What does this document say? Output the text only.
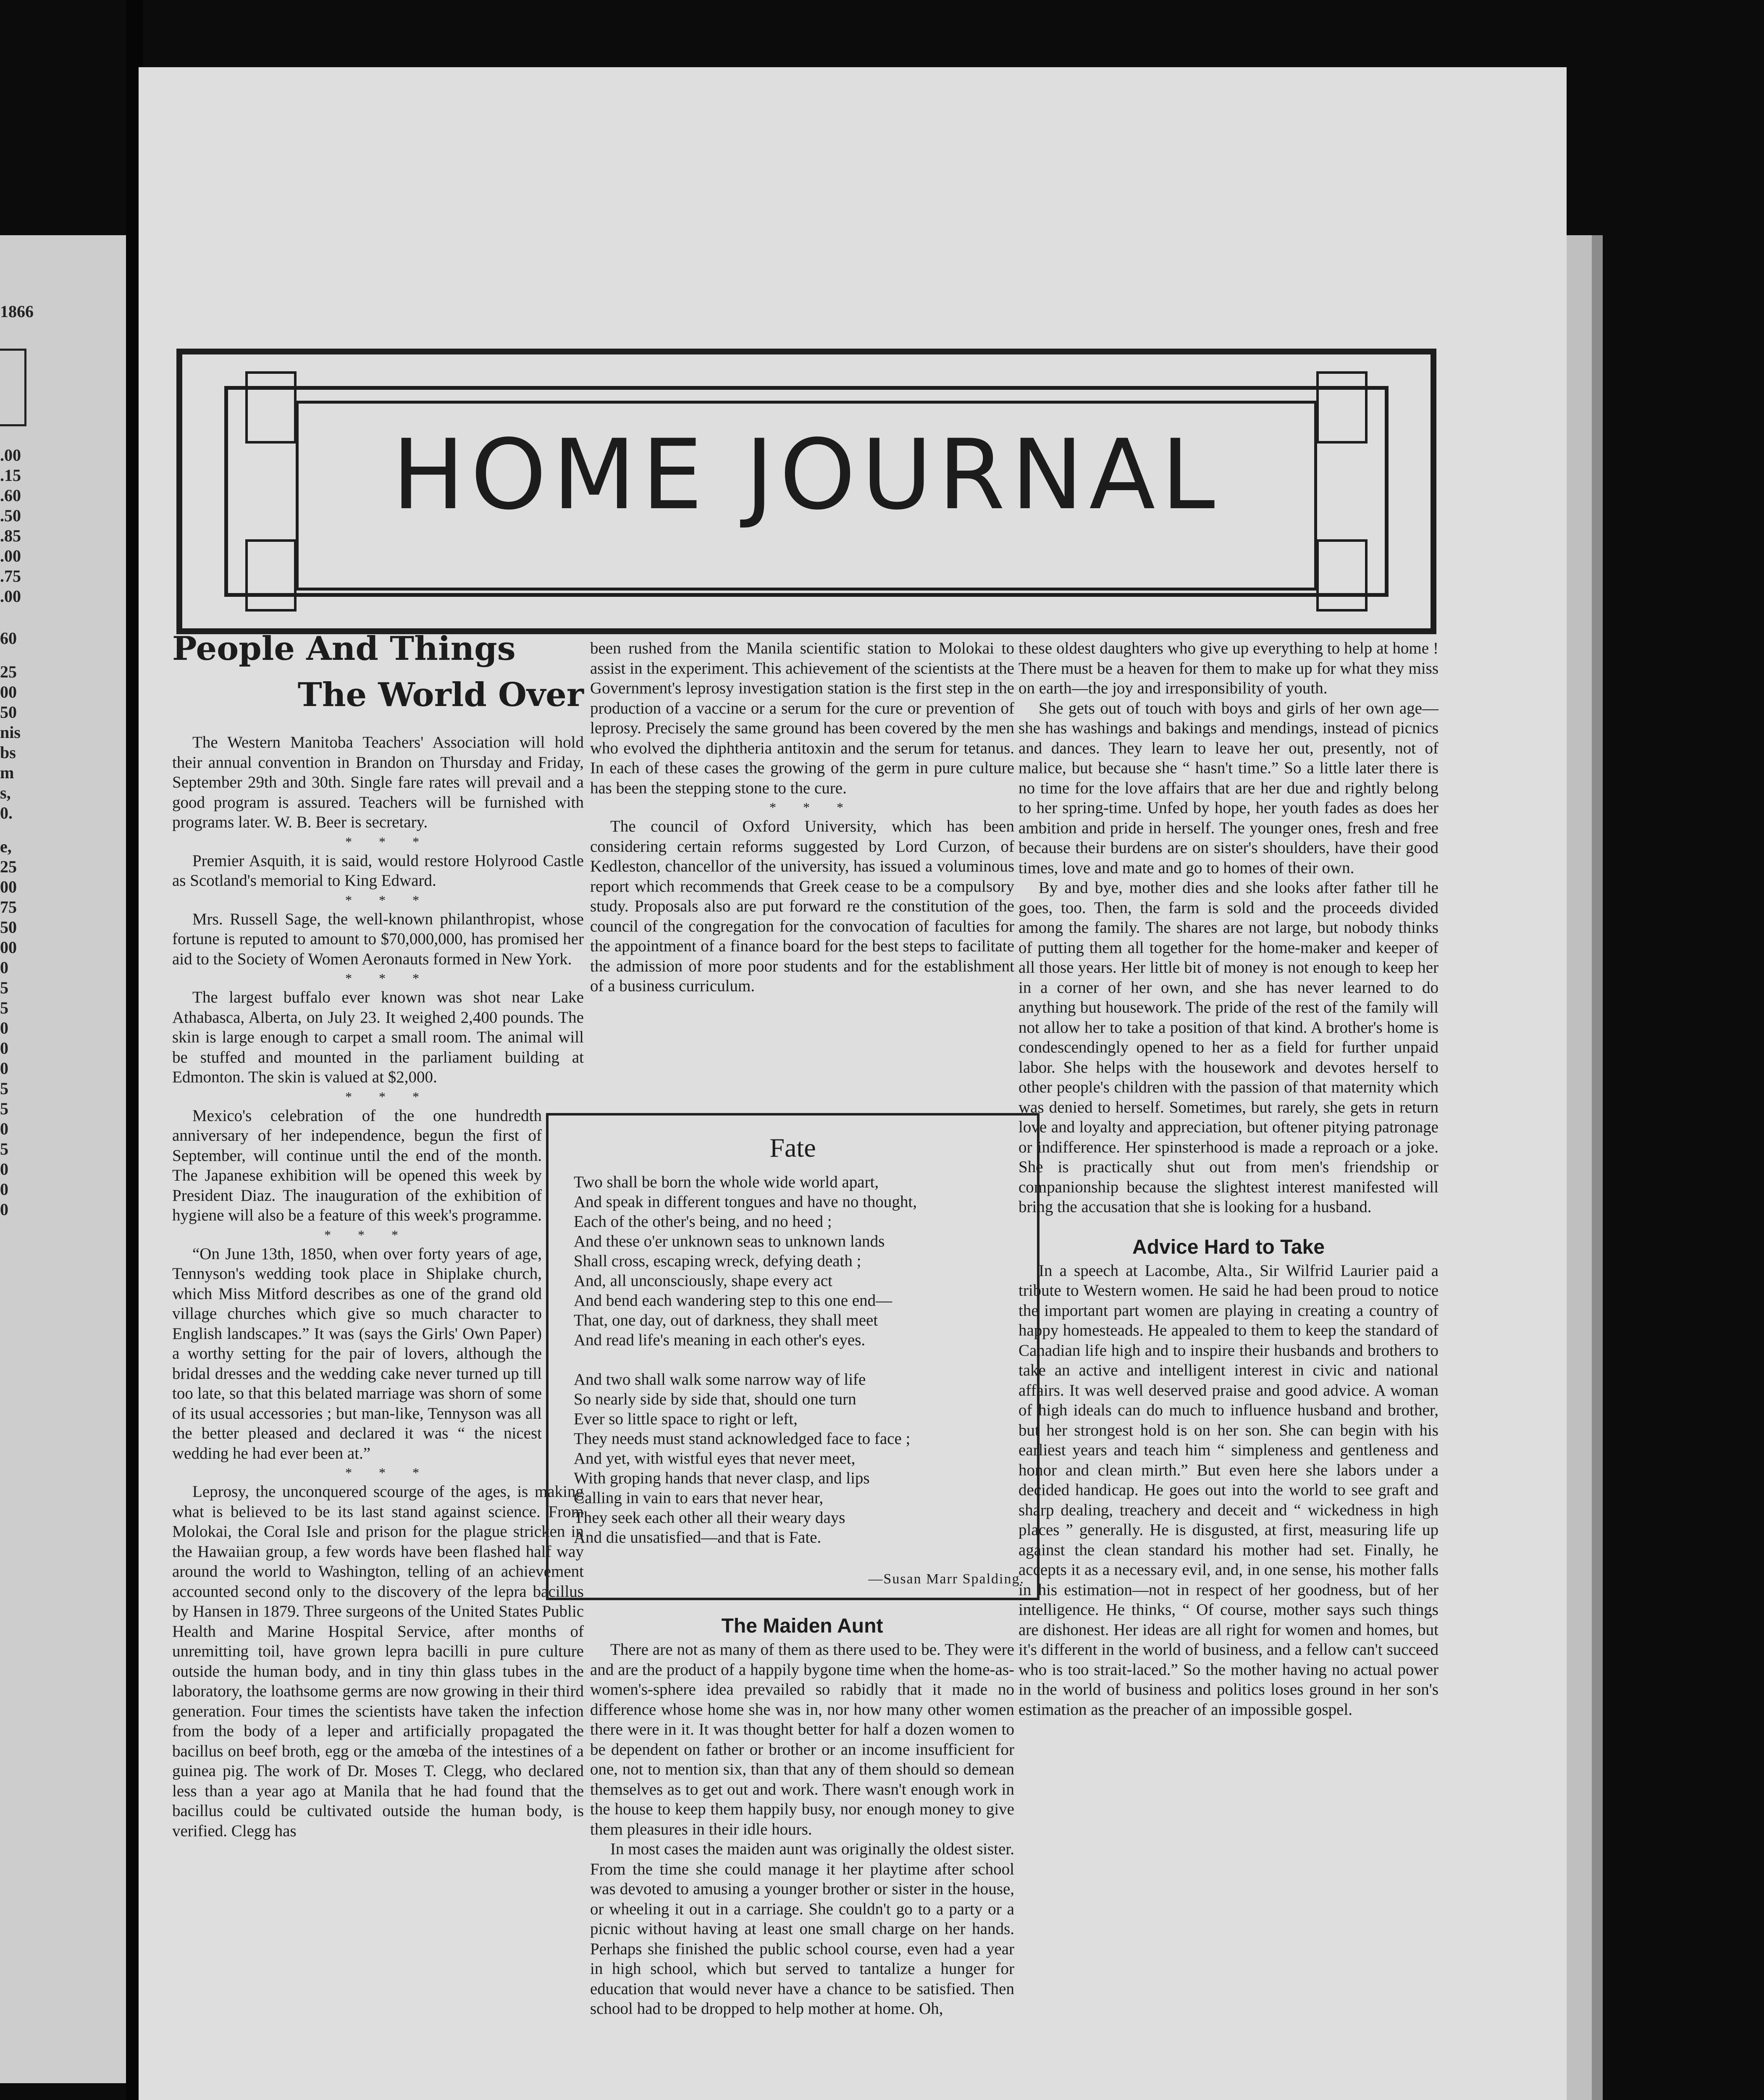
1866
.00
.15
.60
.50
.85
.00
.75
.00
60
25
00
50
nis
bs
m
s,
0.
e,
25
00
75
50
00
0
5
5
0
0
0
5
5
0
5
0
0
0
HOME JOURNAL
People And Things
The World Over

The Western Manitoba Teachers' Association will hold their annual convention in Brandon on Thursday and Friday, September 29th and 30th. Single fare rates will prevail and a good program is assured. Teachers will be furnished with programs later. W. B. Beer is secretary.

* * *

Premier Asquith, it is said, would restore Holyrood Castle as Scotland's memorial to King Edward.

* * *

Mrs. Russell Sage, the well-known philanthropist, whose fortune is reputed to amount to $70,000,000, has promised her aid to the Society of Women Aeronauts formed in New York.

* * *

The largest buffalo ever known was shot near Lake Athabasca, Alberta, on July 23. It weighed 2,400 pounds. The skin is large enough to carpet a small room. The animal will be stuffed and mounted in the parliament building at Edmonton. The skin is valued at $2,000.

* * *

Mexico's celebration of the one hundredth anniversary of her independence, begun the first of September, will continue until the end of the month. The Japanese exhibition will be opened this week by President Diaz. The inauguration of the exhibition of hygiene will also be a feature of this week's programme.

* * *

“On June 13th, 1850, when over forty years of age, Tennyson's wedding took place in Shiplake church, which Miss Mitford describes as one of the grand old village churches which give so much character to English landscapes.” It was (says the Girls' Own Paper) a worthy setting for the pair of lovers, although the bridal dresses and the wedding cake never turned up till too late, so that this belated marriage was shorn of some of its usual accessories ; but man-like, Tennyson was all the better pleased and declared it was “ the nicest wedding he had ever been at.”

* * *

Leprosy, the unconquered scourge of the ages, is making what is believed to be its last stand against science. From Molokai, the Coral Isle and prison for the plague stricken in the Hawaiian group, a few words have been flashed half way around the world to Washington, telling of an achievement accounted second only to the discovery of the lepra bacillus by Hansen in 1879. Three surgeons of the United States Public Health and Marine Hospital Service, after months of unremitting toil, have grown lepra bacilli in pure culture outside the human body, and in tiny thin glass tubes in the laboratory, the loathsome germs are now growing in their third generation. Four times the scientists have taken the infection from the body of a leper and artificially propagated the bacillus on beef broth, egg or the amœba of the intestines of a guinea pig. The work of Dr. Moses T. Clegg, who declared less than a year ago at Manila that he had found that the bacillus could be cultivated outside the human body, is verified. Clegg has

been rushed from the Manila scientific station to Molokai to assist in the experiment. This achievement of the scientists at the Government's leprosy investigation station is the first step in the production of a vaccine or a serum for the cure or prevention of leprosy. Precisely the same ground has been covered by the men who evolved the diphtheria antitoxin and the serum for tetanus. In each of these cases the growing of the germ in pure culture has been the stepping stone to the cure.

* * *

The council of Oxford University, which has been considering certain reforms suggested by Lord Curzon, of Kedleston, chancellor of the university, has issued a voluminous report which recommends that Greek cease to be a compulsory study. Proposals also are put forward re the constitution of the council of the congregation for the convocation of faculties for the appointment of a finance board for the best steps to facilitate the admission of more poor students and for the establishment of a business curriculum.

Fate
Two shall be born the whole wide world apart,
And speak in different tongues and have no thought,
Each of the other's being, and no heed ;
And these o'er unknown seas to unknown lands
Shall cross, escaping wreck, defying death ;
And, all unconsciously, shape every act
And bend each wandering step to this one end—
That, one day, out of darkness, they shall meet
And read life's meaning in each other's eyes.
And two shall walk some narrow way of life
So nearly side by side that, should one turn
Ever so little space to right or left,
They needs must stand acknowledged face to face ;
And yet, with wistful eyes that never meet,
With groping hands that never clasp, and lips
Calling in vain to ears that never hear,
They seek each other all their weary days
And die unsatisfied—and that is Fate.
—Susan Marr Spalding.
The Maiden Aunt

There are not as many of them as there used to be. They were and are the product of a happily bygone time when the home-as-women's-sphere idea prevailed so rabidly that it made no difference whose home she was in, nor how many other women there were in it. It was thought better for half a dozen women to be dependent on father or brother or an income insufficient for one, not to mention six, than that any of them should so demean themselves as to get out and work. There wasn't enough work in the house to keep them happily busy, nor enough money to give them pleasures in their idle hours.

In most cases the maiden aunt was originally the oldest sister. From the time she could manage it her playtime after school was devoted to amusing a younger brother or sister in the house, or wheeling it out in a carriage. She couldn't go to a party or a picnic without having at least one small charge on her hands. Perhaps she finished the public school course, even had a year in high school, which but served to tantalize a hunger for education that would never have a chance to be satisfied. Then school had to be dropped to help mother at home. Oh,

these oldest daughters who give up everything to help at home ! There must be a heaven for them to make up for what they miss on earth—the joy and irresponsibility of youth.

She gets out of touch with boys and girls of her own age—she has washings and bakings and mendings, instead of picnics and dances. They learn to leave her out, presently, not of malice, but because she “ hasn't time.” So a little later there is no time for the love affairs that are her due and rightly belong to her spring-time. Unfed by hope, her youth fades as does her ambition and pride in herself. The younger ones, fresh and free because their burdens are on sister's shoulders, have their good times, love and mate and go to homes of their own.

By and bye, mother dies and she looks after father till he goes, too. Then, the farm is sold and the proceeds divided among the family. The shares are not large, but nobody thinks of putting them all together for the home-maker and keeper of all those years. Her little bit of money is not enough to keep her in a corner of her own, and she has never learned to do anything but housework. The pride of the rest of the family will not allow her to take a position of that kind. A brother's home is condescendingly opened to her as a field for further unpaid labor. She helps with the housework and devotes herself to other people's children with the passion of that maternity which was denied to herself. Sometimes, but rarely, she gets in return love and loyalty and appreciation, but oftener pitying patronage or indifference. Her spinsterhood is made a reproach or a joke. She is practically shut out from men's friendship or companionship because the slightest interest manifested will bring the accusation that she is looking for a husband.

Advice Hard to Take

In a speech at Lacombe, Alta., Sir Wilfrid Laurier paid a tribute to Western women. He said he had been proud to notice the important part women are playing in creating a country of happy homesteads. He appealed to them to keep the standard of Canadian life high and to inspire their husbands and brothers to take an active and intelligent interest in civic and national affairs. It was well deserved praise and good advice. A woman of high ideals can do much to influence husband and brother, but her strongest hold is on her son. She can begin with his earliest years and teach him “ simpleness and gentleness and honor and clean mirth.” But even here she labors under a decided handicap. He goes out into the world to see graft and sharp dealing, treachery and deceit and “ wickedness in high places ” generally. He is disgusted, at first, measuring life up against the clean standard his mother had set. Finally, he accepts it as a necessary evil, and, in one sense, his mother falls in his estimation—not in respect of her goodness, but of her intelligence. He thinks, “ Of course, mother says such things are dishonest. Her ideas are all right for women and homes, but it's different in the world of business, and a fellow can't succeed who is too strait-laced.” So the mother having no actual power in the world of business and politics loses ground in her son's estimation as the preacher of an impossible gospel.
